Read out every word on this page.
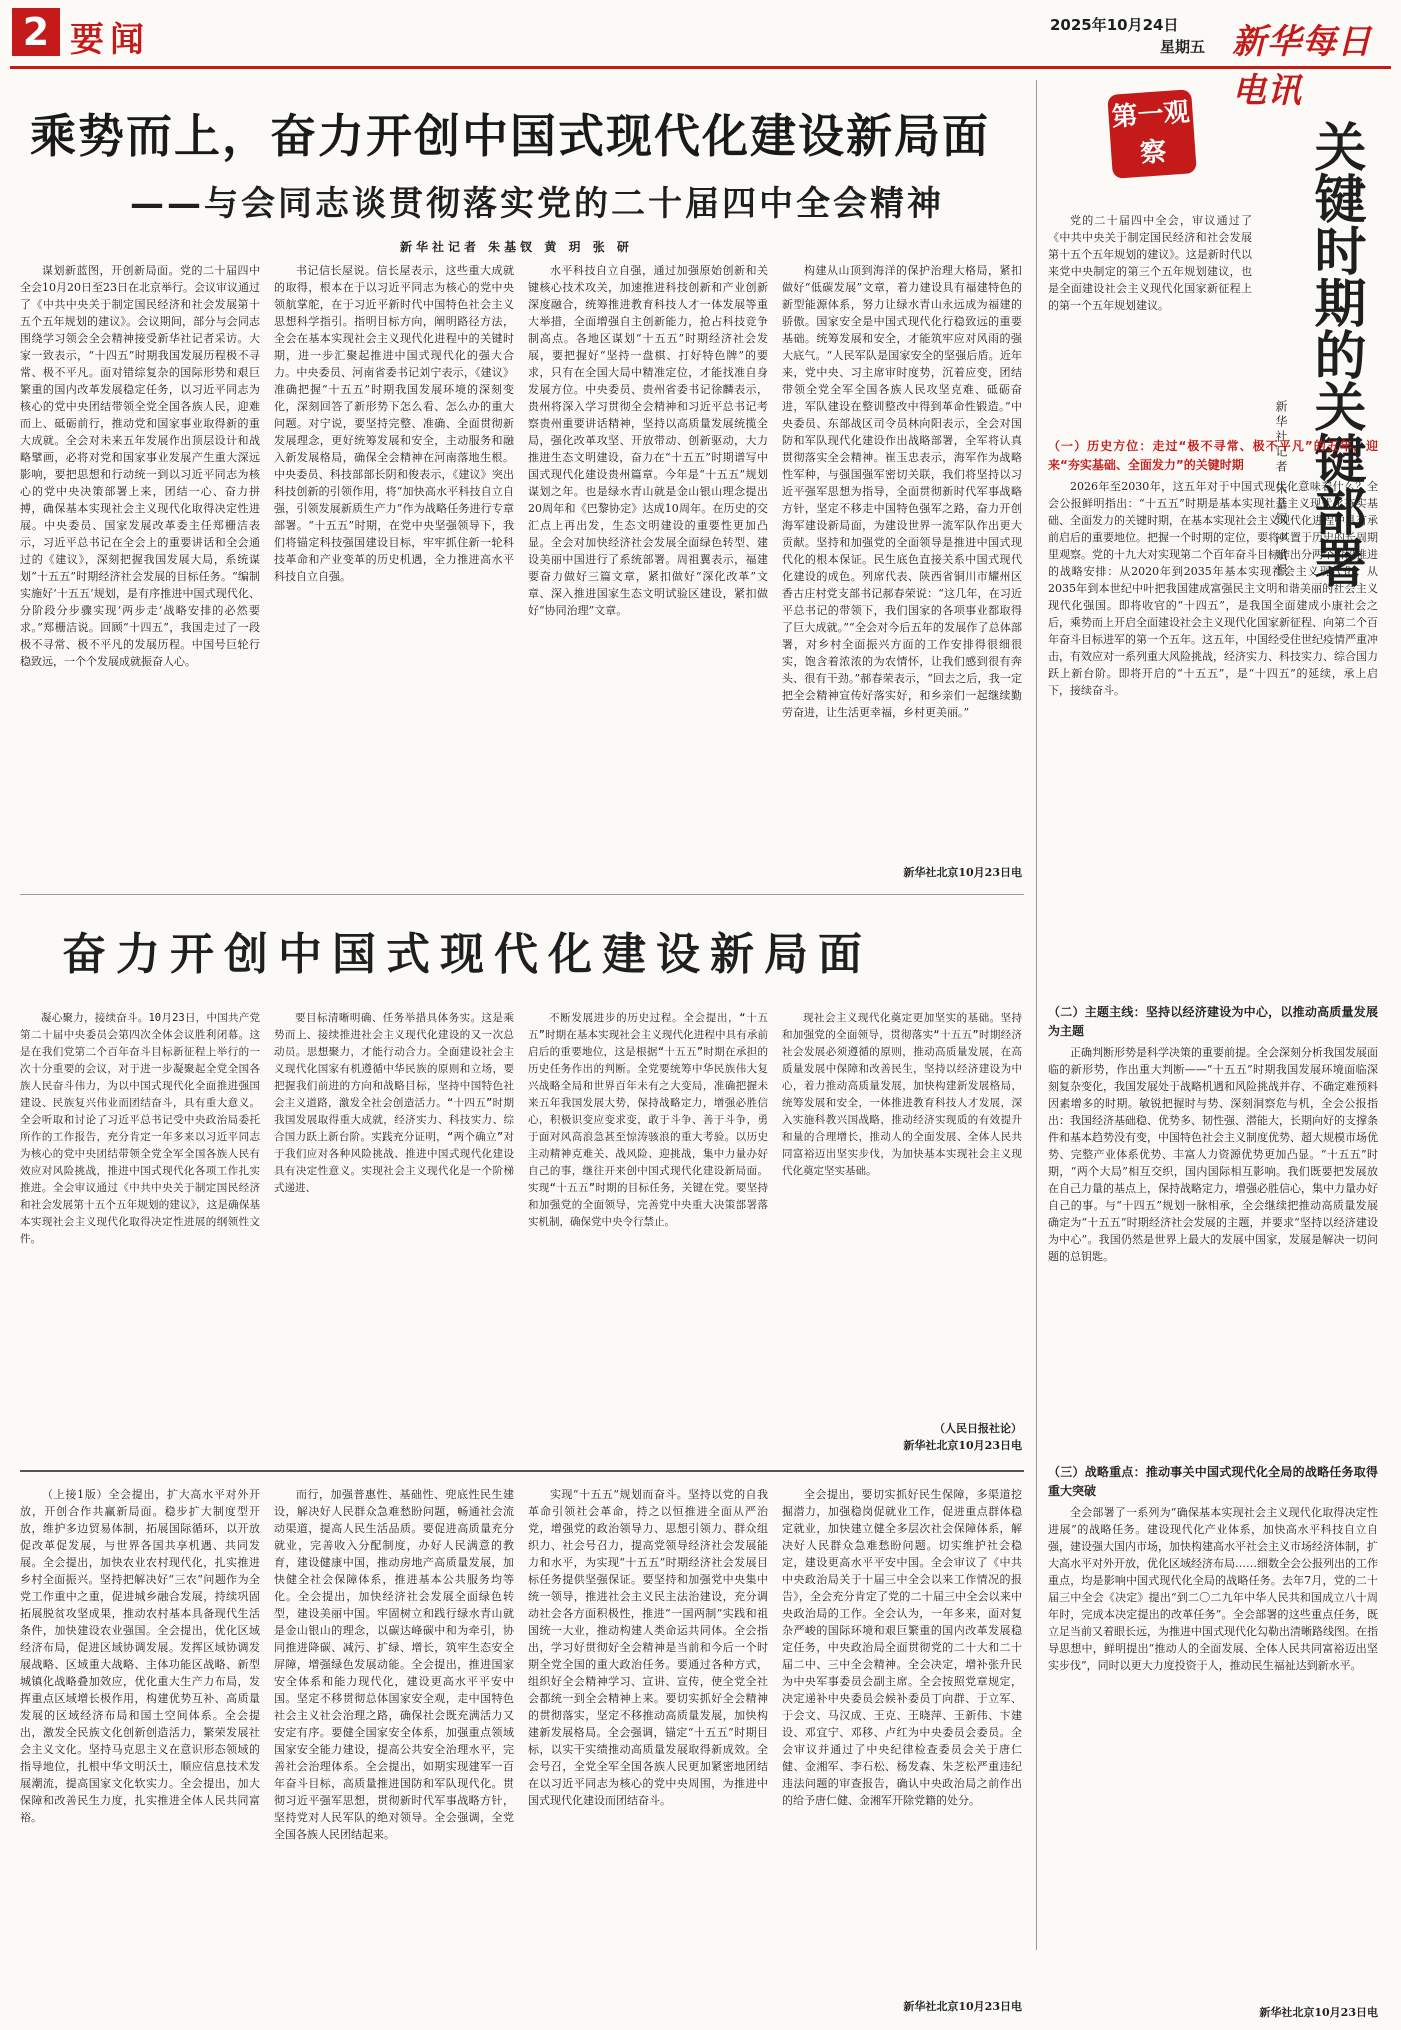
2 要闻	2025年10月24日
星期五 新华每日电讯
乘势而上，奋力开创中国式现代化建设新局面
——与会同志谈贯彻落实党的二十届四中全会精神
新华社记者 朱基钗 黄 玥 张 研

谋划新蓝图，开创新局面。党的二十届四中全会10月20日至23日在北京举行。会议审议通过了《中共中央关于制定国民经济和社会发展第十五个五年规划的建议》。会议期间，部分与会同志围绕学习领会全会精神接受新华社记者采访。大家一致表示，“十四五”时期我国发展历程极不寻常、极不平凡。面对错综复杂的国际形势和艰巨繁重的国内改革发展稳定任务，以习近平同志为核心的党中央团结带领全党全国各族人民，迎难而上、砥砺前行，推动党和国家事业取得新的重大成就。全会对未来五年发展作出顶层设计和战略擘画，必将对党和国家事业发展产生重大深远影响，要把思想和行动统一到以习近平同志为核心的党中央决策部署上来，团结一心、奋力拼搏，确保基本实现社会主义现代化取得决定性进展。中央委员、国家发展改革委主任郑栅洁表示，习近平总书记在全会上的重要讲话和全会通过的《建议》，深刻把握我国发展大局，系统谋划“十五五”时期经济社会发展的目标任务。“编制实施好‘十五五’规划，是有序推进中国式现代化、分阶段分步骤实现‘两步走’战略安排的必然要求。”郑栅洁说。回顾“十四五”，我国走过了一段极不寻常、极不平凡的发展历程。中国号巨轮行稳致远，一个个发展成就振奋人心。

书记信长屋说。信长屋表示，这些重大成就的取得，根本在于以习近平同志为核心的党中央领航掌舵，在于习近平新时代中国特色社会主义思想科学指引。指明目标方向，阐明路径方法，全会在基本实现社会主义现代化进程中的关键时期，进一步汇聚起推进中国式现代化的强大合力。中央委员、河南省委书记刘宁表示，《建议》准确把握“十五五”时期我国发展环境的深刻变化，深刻回答了新形势下怎么看、怎么办的重大问题。对宁说，要坚持完整、准确、全面贯彻新发展理念，更好统筹发展和安全，主动服务和融入新发展格局，确保全会精神在河南落地生根。中央委员、科技部部长阴和俊表示，《建议》突出科技创新的引领作用，将“加快高水平科技自立自强，引领发展新质生产力”作为战略任务进行专章部署。“十五五”时期，在党中央坚强领导下，我们将锚定科技强国建设目标，牢牢抓住新一轮科技革命和产业变革的历史机遇，全力推进高水平科技自立自强。

水平科技自立自强，通过加强原始创新和关键核心技术攻关，加速推进科技创新和产业创新深度融合，统筹推进教育科技人才一体发展等重大举措，全面增强自主创新能力，抢占科技竞争制高点。各地区谋划“十五五”时期经济社会发展，要把握好“坚持一盘棋、打好特色牌”的要求，只有在全国大局中精准定位，才能找准自身发展方位。中央委员、贵州省委书记徐麟表示，贵州将深入学习贯彻全会精神和习近平总书记考察贵州重要讲话精神，坚持以高质量发展统揽全局，强化改革攻坚、开放带动、创新驱动，大力推进生态文明建设，奋力在“十五五”时期谱写中国式现代化建设贵州篇章。今年是“十五五”规划谋划之年。也是绿水青山就是金山银山理念提出20周年和《巴黎协定》达成10周年。在历史的交汇点上再出发，生态文明建设的重要性更加凸显。全会对加快经济社会发展全面绿色转型、建设美丽中国进行了系统部署。周祖翼表示，福建要奋力做好三篇文章，紧扣做好“深化改革”文章、深入推进国家生态文明试验区建设，紧扣做好“协同治理”文章。

构建从山顶到海洋的保护治理大格局，紧扣做好“低碳发展”文章，着力建设具有福建特色的新型能源体系，努力让绿水青山永远成为福建的骄傲。国家安全是中国式现代化行稳致远的重要基础。统筹发展和安全，才能筑牢应对风雨的强大底气。“人民军队是国家安全的坚强后盾。近年来，党中央、习主席审时度势，沉着应变，团结带领全党全军全国各族人民攻坚克难、砥砺奋进，军队建设在整训整改中得到革命性锻造。”中央委员、东部战区司令员林向阳表示，全会对国防和军队现代化建设作出战略部署，全军将认真贯彻落实全会精神。崔玉忠表示，海军作为战略性军种，与强国强军密切关联，我们将坚持以习近平强军思想为指导，全面贯彻新时代军事战略方针，坚定不移走中国特色强军之路，奋力开创海军建设新局面，为建设世界一流军队作出更大贡献。坚持和加强党的全面领导是推进中国式现代化的根本保证。民生底色直接关系中国式现代化建设的成色。列席代表、陕西省铜川市耀州区香古庄村党支部书记郝春荣说：“这几年，在习近平总书记的带领下，我们国家的各项事业都取得了巨大成就。”“全会对今后五年的发展作了总体部署，对乡村全面振兴方面的工作安排得很细很实，饱含着浓浓的为农情怀，让我们感到很有奔头、很有干劲。”郝春荣表示，“回去之后，我一定把全会精神宣传好落实好，和乡亲们一起继续勤劳奋进，让生活更幸福，乡村更美丽。”

新华社北京10月23日电

奋力开创中国式现代化建设新局面

凝心聚力，接续奋斗。10月23日，中国共产党第二十届中央委员会第四次全体会议胜利闭幕。这是在我们党第二个百年奋斗目标新征程上举行的一次十分重要的会议，对于进一步凝聚起全党全国各族人民奋斗伟力，为以中国式现代化全面推进强国建设、民族复兴伟业而团结奋斗，具有重大意义。全会听取和讨论了习近平总书记受中央政治局委托所作的工作报告，充分肯定一年多来以习近平同志为核心的党中央团结带领全党全军全国各族人民有效应对风险挑战，推进中国式现代化各项工作扎实推进。全会审议通过《中共中央关于制定国民经济和社会发展第十五个五年规划的建议》，这是确保基本实现社会主义现代化取得决定性进展的纲领性文件。

要目标清晰明确、任务举措具体务实。这是乘势而上、接续推进社会主义现代化建设的又一次总动员。思想聚力，才能行动合力。全面建设社会主义现代化国家有机遵循中华民族的原则和立场，要把握我们前进的方向和战略目标，坚持中国特色社会主义道路，激发全社会创造活力。“十四五”时期我国发展取得重大成就，经济实力、科技实力、综合国力跃上新台阶。实践充分证明，“两个确立”对于我们应对各种风险挑战、推进中国式现代化建设具有决定性意义。实现社会主义现代化是一个阶梯式递进、

不断发展进步的历史过程。全会提出，“十五五”时期在基本实现社会主义现代化进程中具有承前启后的重要地位，这是根据“十五五”时期在承担的历史任务作出的判断。全党要统筹中华民族伟大复兴战略全局和世界百年未有之大变局，准确把握未来五年我国发展大势，保持战略定力，增强必胜信心，积极识变应变求变，敢于斗争、善于斗争，勇于面对风高浪急甚至惊涛骇浪的重大考验。以历史主动精神克难关、战风险、迎挑战，集中力量办好自己的事，继往开来创中国式现代化建设新局面。实现“十五五”时期的目标任务，关键在党。要坚持和加强党的全面领导，完善党中央重大决策部署落实机制，确保党中央令行禁止。

现社会主义现代化奠定更加坚实的基础。坚持和加强党的全面领导，贯彻落实“十五五”时期经济社会发展必须遵循的原则，推动高质量发展，在高质量发展中保障和改善民生，坚持以经济建设为中心，着力推动高质量发展，加快构建新发展格局，统筹发展和安全，一体推进教育科技人才发展，深入实施科教兴国战略，推动经济实现质的有效提升和量的合理增长，推动人的全面发展、全体人民共同富裕迈出坚实步伐，为加快基本实现社会主义现代化奠定坚实基础。

（人民日报社论）

新华社北京10月23日电

（上接1版）全会提出，扩大高水平对外开放，开创合作共赢新局面。稳步扩大制度型开放，维护多边贸易体制，拓展国际循环，以开放促改革促发展，与世界各国共享机遇、共同发展。全会提出，加快农业农村现代化，扎实推进乡村全面振兴。坚持把解决好“三农”问题作为全党工作重中之重，促进城乡融合发展，持续巩固拓展脱贫攻坚成果，推动农村基本具备现代生活条件，加快建设农业强国。全会提出，优化区域经济布局，促进区域协调发展。发挥区域协调发展战略、区域重大战略、主体功能区战略、新型城镇化战略叠加效应，优化重大生产力布局，发挥重点区域增长极作用，构建优势互补、高质量发展的区域经济布局和国土空间体系。全会提出，激发全民族文化创新创造活力，繁荣发展社会主义文化。坚持马克思主义在意识形态领域的指导地位，扎根中华文明沃土，顺应信息技术发展潮流，提高国家文化软实力。全会提出，加大保障和改善民生力度，扎实推进全体人民共同富裕。

而行，加强普惠性、基础性、兜底性民生建设，解决好人民群众急难愁盼问题，畅通社会流动渠道，提高人民生活品质。要促进高质量充分就业，完善收入分配制度，办好人民满意的教育，建设健康中国，推动房地产高质量发展，加快健全社会保障体系，推进基本公共服务均等化。全会提出，加快经济社会发展全面绿色转型，建设美丽中国。牢固树立和践行绿水青山就是金山银山的理念，以碳达峰碳中和为牵引，协同推进降碳、减污、扩绿、增长，筑牢生态安全屏障，增强绿色发展动能。全会提出，推进国家安全体系和能力现代化，建设更高水平平安中国。坚定不移贯彻总体国家安全观，走中国特色社会主义社会治理之路，确保社会既充满活力又安定有序。要健全国家安全体系，加强重点领域国家安全能力建设，提高公共安全治理水平，完善社会治理体系。全会提出，如期实现建军一百年奋斗目标，高质量推进国防和军队现代化。贯彻习近平强军思想，贯彻新时代军事战略方针，坚持党对人民军队的绝对领导。全会强调，全党全国各族人民团结起来。

实现“十五五”规划而奋斗。坚持以党的自我革命引领社会革命，持之以恒推进全面从严治党，增强党的政治领导力、思想引领力、群众组织力、社会号召力，提高党领导经济社会发展能力和水平，为实现“十五五”时期经济社会发展目标任务提供坚强保证。要坚持和加强党中央集中统一领导，推进社会主义民主法治建设，充分调动社会各方面积极性，推进“一国两制”实践和祖国统一大业，推动构建人类命运共同体。全会指出，学习好贯彻好全会精神是当前和今后一个时期全党全国的重大政治任务。要通过各种方式，组织好全会精神学习、宣讲、宣传，使全党全社会都统一到全会精神上来。要切实抓好全会精神的贯彻落实，坚定不移推动高质量发展，加快构建新发展格局。全会强调，锚定“十五五”时期目标，以实干实绩推动高质量发展取得新成效。全会号召，全党全军全国各族人民更加紧密地团结在以习近平同志为核心的党中央周围，为推进中国式现代化建设而团结奋斗。

全会提出，要切实抓好民生保障，多渠道挖掘潜力，加强稳岗促就业工作，促进重点群体稳定就业，加快建立健全多层次社会保障体系，解决好人民群众急难愁盼问题。切实维护社会稳定，建设更高水平平安中国。全会审议了《中共中央政治局关于十届三中全会以来工作情况的报告》，全会充分肯定了党的二十届三中全会以来中央政治局的工作。全会认为，一年多来，面对复杂严峻的国际环境和艰巨繁重的国内改革发展稳定任务，中央政治局全面贯彻党的二十大和二十届二中、三中全会精神。全会决定，增补张升民为中央军事委员会副主席。全会按照党章规定，决定递补中央委员会候补委员丁向群、于立军、于会文、马汉成、王克、王晓萍、王新伟、卞建设、邓宜宁、邓移、卢红为中央委员会委员。全会审议并通过了中央纪律检查委员会关于唐仁健、金湘军、李石松、杨发森、朱芝松严重违纪违法问题的审查报告，确认中央政治局之前作出的给予唐仁健、金湘军开除党籍的处分。

新华社北京10月23日电

第一观察	关键时期的关键部署
新华社记者 朱基钗 严赋憬

党的二十届四中全会，审议通过了《中共中央关于制定国民经济和社会发展第十五个五年规划的建议》。这是新时代以来党中央制定的第三个五年规划建议，也是全面建设社会主义现代化国家新征程上的第一个五年规划建议。

（一）历史方位：走过“极不寻常、极不平凡”的五年，迎来“夯实基础、全面发力”的关键时期

2026年至2030年，这五年对于中国式现代化意味着什么？全会公报鲜明指出：“十五五”时期是基本实现社会主义现代化夯实基础、全面发力的关键时期，在基本实现社会主义现代化进程中具有承前启后的重要地位。把握一个时期的定位，要将其置于历史的长周期里观察。党的十九大对实现第二个百年奋斗目标作出分两个阶段推进的战略安排：从2020年到2035年基本实现社会主义现代化；从2035年到本世纪中叶把我国建成富强民主文明和谐美丽的社会主义现代化强国。即将收官的“十四五”，是我国全面建成小康社会之后，乘势而上开启全面建设社会主义现代化国家新征程、向第二个百年奋斗目标进军的第一个五年。这五年，中国经受住世纪疫情严重冲击，有效应对一系列重大风险挑战，经济实力、科技实力、综合国力跃上新台阶。即将开启的“十五五”，是“十四五”的延续，承上启下，接续奋斗。

（二）主题主线：坚持以经济建设为中心，以推动高质量发展为主题

正确判断形势是科学决策的重要前提。全会深刻分析我国发展面临的新形势，作出重大判断——“十五五”时期我国发展环境面临深刻复杂变化，我国发展处于战略机遇和风险挑战并存、不确定难预料因素增多的时期。敏锐把握时与势、深刻洞察危与机，全会公报指出：我国经济基础稳、优势多、韧性强、潜能大，长期向好的支撑条件和基本趋势没有变，中国特色社会主义制度优势、超大规模市场优势、完整产业体系优势、丰富人力资源优势更加凸显。“十五五”时期，“两个大局”相互交织，国内国际相互影响。我们既要把发展放在自己力量的基点上，保持战略定力，增强必胜信心，集中力量办好自己的事。与“十四五”规划一脉相承，全会继续把推动高质量发展确定为“十五五”时期经济社会发展的主题，并要求“坚持以经济建设为中心”。我国仍然是世界上最大的发展中国家，发展是解决一切问题的总钥匙。

（三）战略重点：推动事关中国式现代化全局的战略任务取得重大突破

全会部署了一系列为“确保基本实现社会主义现代化取得决定性进展”的战略任务。建设现代化产业体系，加快高水平科技自立自强，建设强大国内市场，加快构建高水平社会主义市场经济体制，扩大高水平对外开放，优化区域经济布局……细数全会公报列出的工作重点，均是影响中国式现代化全局的战略任务。去年7月，党的二十届三中全会《决定》提出“到二〇二九年中华人民共和国成立八十周年时，完成本决定提出的改革任务”。全会部署的这些重点任务，既立足当前又着眼长远，为推进中国式现代化勾勒出清晰路线图。在指导思想中，鲜明提出“推动人的全面发展、全体人民共同富裕迈出坚实步伐”，同时以更大力度投资于人，推动民生福祉达到新水平。

新华社北京10月23日电
